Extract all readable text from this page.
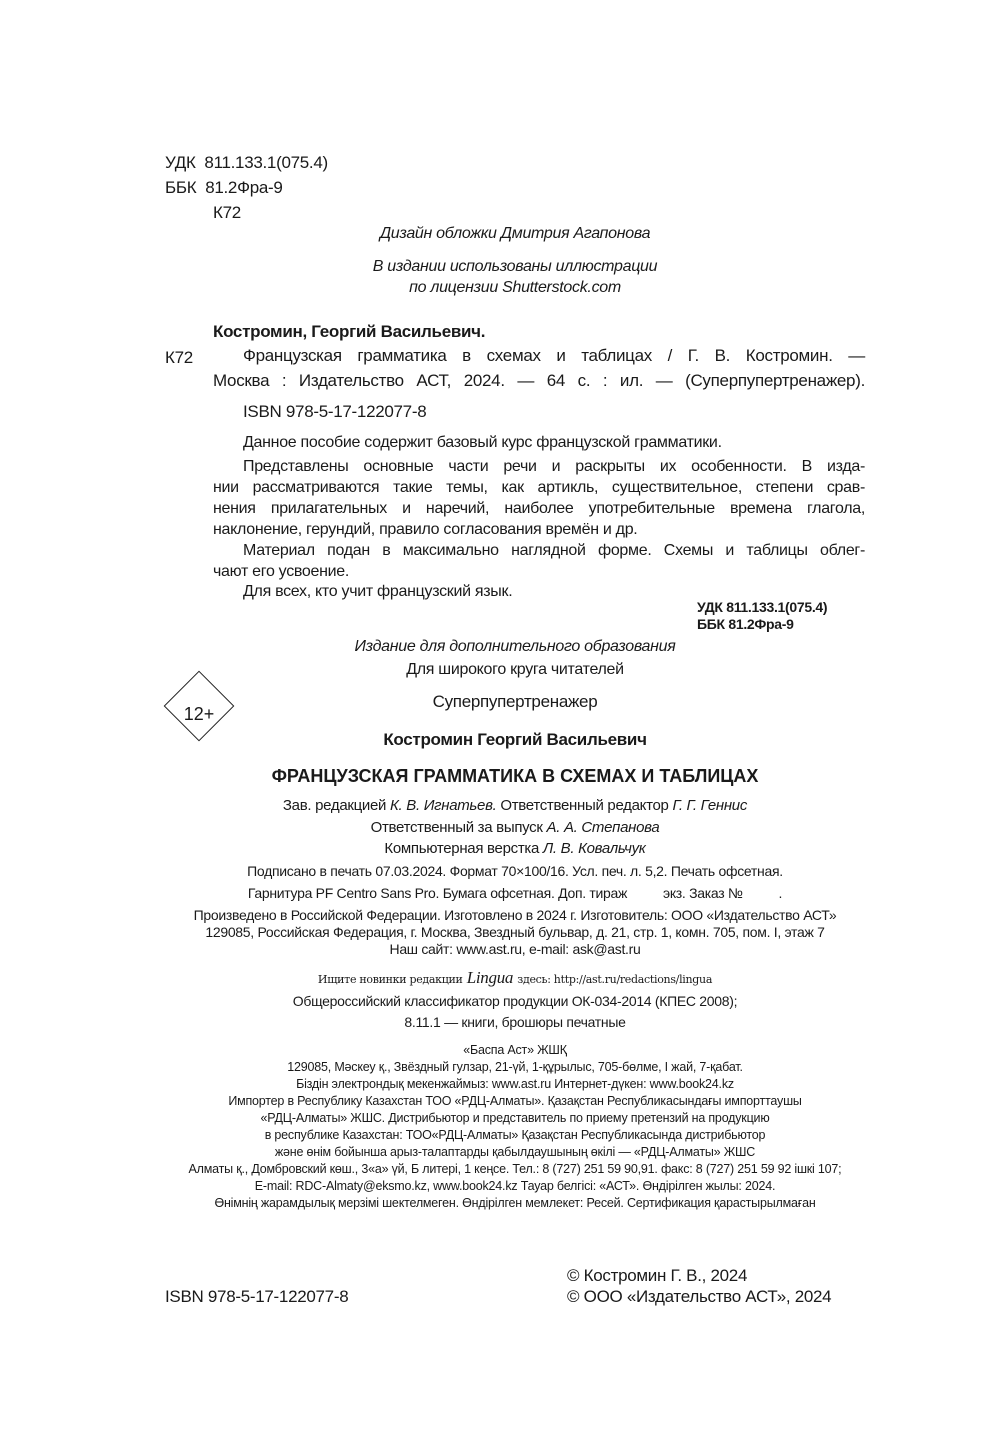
УДК 811.133.1(075.4)
ББК 81.2Фра-9
К72
Дизайн обложки Дмитрия Агапонова
В издании использованы иллюстрации
по лицензии Shutterstock.com
Костромин, Георгий Васильевич.
К72	Французская грамматика в схемах и таблицах / Г. В. Костромин. —
Москва : Издательство АСТ, 2024. — 64 с. : ил. — (Суперпупертренажер).
ISBN 978-5-17-122077-8
Данное пособие содержит базовый курс французской грамматики.
Представлены основные части речи и раскрыты их особенности. В изда-
нии рассматриваются такие темы, как артикль, существительное, степени срав-
нения прилагательных и наречий, наиболее употребительные времена глагола,
наклонение, герундий, правило согласования времён и др.
Материал подан в максимально наглядной форме. Схемы и таблицы облег-
чают его усвоение.
Для всех, кто учит французский язык.
УДК 811.133.1(075.4)
ББК 81.2Фра-9
Издание для дополнительного образования
Для широкого круга читателей
Суперпупертренажер
12+
Костромин Георгий Васильевич
ФРАНЦУЗСКАЯ ГРАММАТИКА В СХЕМАХ И ТАБЛИЦАХ
Зав. редакцией К. В. Игнатьев. Ответственный редактор Г. Г. Геннис
Ответственный за выпуск А. А. Степанова
Компьютерная верстка Л. В. Ковальчук
Подписано в печать 07.03.2024. Формат 70×100/16. Усл. печ. л. 5,2. Печать офсетная.
Гарнитура PF Centro Sans Pro. Бумага офсетная. Доп. тираж          экз. Заказ №          .
Произведено в Российской Федерации. Изготовлено в 2024 г. Изготовитель: ООО «Издательство АСТ»
129085, Российская Федерация, г. Москва, Звездный бульвар, д. 21, стр. 1, комн. 705, пом. I, этаж 7
Наш сайт: www.ast.ru, e-mail: ask@ast.ru
Ищите новинки редакции Lingua здесь: http://ast.ru/redactions/lingua
Общероссийский классификатор продукции ОК-034-2014 (КПЕС 2008);
8.11.1 — книги, брошюры печатные
«Баспа Аст» ЖШҚ
129085, Мәскеу қ., Звёздный гулзар, 21-үй, 1-құрылыс, 705-бөлме, I жай, 7-қабат.
Біздін электрондық мекенжаймыз: www.ast.ru Интернет-дүкен: www.book24.kz
Импортер в Республику Казахстан ТОО «РДЦ-Алматы». Қазақстан Республикасындағы импорттаушы
«РДЦ-Алматы» ЖШС. Дистрибьютор и представитель по приему претензий на продукцию
в республике Казахстан: ТОО«РДЦ-Алматы» Қазақстан Республикасында дистрибьютор
және өнім бойынша арыз-талаптарды қабылдаушының өкілі — «РДЦ-Алматы» ЖШС
Алматы қ., Домбровский көш., 3«а» үй, Б литері, 1 кеңсе. Тел.: 8 (727) 251 59 90,91. факс: 8 (727) 251 59 92 ішкі 107;
E-mail: RDC-Almaty@eksmo.kz, www.book24.kz Тауар белгісі: «АСТ». Өндірілген жылы: 2024.
Өнімнің жарамдылық мерзімі шектелмеген. Өндірілген мемлекет: Ресей. Сертификация қарастырылмаған
© Костромин Г. В., 2024
ISBN 978-5-17-122077-8	© ООО «Издательство АСТ», 2024
